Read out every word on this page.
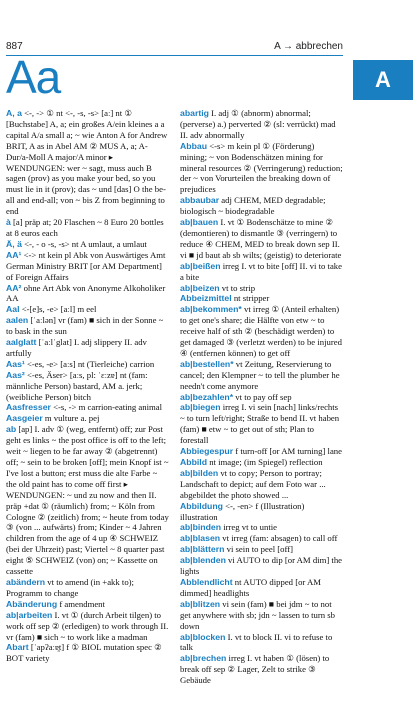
887	A → abbrechen
Aa	A

A, a <-, -> ① nt <-, -s, -s> [aː] nt ① [Buchstabe] A, a; ein großes A/ein kleines a a capital A/a small a; ~ wie Anton A for Andrew BRIT, A as in Abel AM ② MUS A, a; A-Dur/a-Moll A major/A minor ▸ WENDUNGEN: wer ~ sagt, muss auch B sagen (prov) as you make your bed, so you must lie in it (prov); das ~ und [das] O the be-all and end-all; von ~ bis Z from beginning to end

à [a] präp at; 20 Flaschen ~ 8 Euro 20 bottles at 8 euros each

Ä, ä <-, - o -s, -s> nt A umlaut, a umlaut

AA¹ <-> nt kein pl Abk von Auswärtiges Amt German Ministry BRIT [or AM Department] of Foreign Affairs

AA² ohne Art Abk von Anonyme Alkoholiker AA

Aal <-[e]s, -e> [aːl] m eel

aalen [ˈaːlən] vr (fam) ■ sich in der Sonne ~ to bask in the sun

aalglatt [ˈaːlˈglat] I. adj slippery II. adv artfully

Aas¹ <-es, -e> [aːs] nt (Tierleiche) carrion

Aas² <-es, Äser> [aːs, pl: ˈɛːzɐ] nt (fam: männliche Person) bastard, AM a. jerk; (weibliche Person) bitch

Aasfresser <-s, -> m carrion-eating animal

Aasgeier m vulture a. pej

ab [ap] I. adv ① (weg, entfernt) off; zur Post geht es links ~ the post office is off to the left; weit ~ liegen to be far away ② (abgetrennt) off; ~ sein to be broken [off]; mein Knopf ist ~ I've lost a button; erst muss die alte Farbe ~ the old paint has to come off first ▸ WENDUNGEN: ~ und zu now and then II. präp +dat ① (räumlich) from; ~ Köln from Cologne ② (zeitlich) from; ~ heute from today ③ (von ... aufwärts) from; Kinder ~ 4 Jahren children from the age of 4 up ④ SCHWEIZ (bei der Uhrzeit) past; Viertel ~ 8 quarter past eight ⑤ SCHWEIZ (von) on; ~ Kassette on cassette

abändern vt to amend (in +akk to); Programm to change

Abänderung f amendment

ab|arbeiten I. vt ① (durch Arbeit tilgen) to work off sep ② (erledigen) to work through II. vr (fam) ■ sich ~ to work like a madman

Abart [ˈapʔaːɐ̯t] f ① BIOL mutation spec ② BOT variety

abartig I. adj ① (abnorm) abnormal; (perverse) a.) perverted ② (sl: verrückt) mad II. adv abnormally

Abbau <-s> m kein pl ① (Förderung) mining; ~ von Bodenschätzen mining for mineral resources ② (Verringerung) reduction; der ~ von Vorurteilen the breaking down of prejudices

abbaubar adj CHEM, MED degradable; biologisch ~ biodegradable

ab|bauen I. vt ① Bodenschätze to mine ② (demontieren) to dismantle ③ (verringern) to reduce ④ CHEM, MED to break down sep II. vi ■ jd baut ab sb wilts; (geistig) to deteriorate

ab|beißen irreg I. vt to bite [off] II. vi to take a bite

ab|beizen vt to strip

Abbeizmittel nt stripper

ab|bekommen* vt irreg ① (Anteil erhalten) to get one's share; die Hälfte von etw ~ to receive half of sth ② (beschädigt werden) to get damaged ③ (verletzt werden) to be injured ④ (entfernen können) to get off

ab|bestellen* vt Zeitung, Reservierung to cancel; den Klempner ~ to tell the plumber he needn't come anymore

ab|bezahlen* vt to pay off sep

ab|biegen irreg I. vi sein [nach] links/rechts ~ to turn left/right; Straße to bend II. vt haben (fam) ■ etw ~ to get out of sth; Plan to forestall

Abbiegespur f turn-off [or AM turning] lane

Abbild nt image; (im Spiegel) reflection

ab|bilden vt to copy; Person to portray; Landschaft to depict; auf dem Foto war ... abgebildet the photo showed ...

Abbildung <-, -en> f (Illustration) illustration

ab|binden irreg vt to untie

ab|blasen vt irreg (fam: absagen) to call off

ab|blättern vi sein to peel [off]

ab|blenden vi AUTO to dip [or AM dim] the lights

Abblendlicht nt AUTO dipped [or AM dimmed] headlights

ab|blitzen vi sein (fam) ■ bei jdm ~ to not get anywhere with sb; jdn ~ lassen to turn sb down

ab|blocken I. vt to block II. vi to refuse to talk

ab|brechen irreg I. vt haben ① (lösen) to break off sep ② Lager, Zelt to strike ③ Gebäude
